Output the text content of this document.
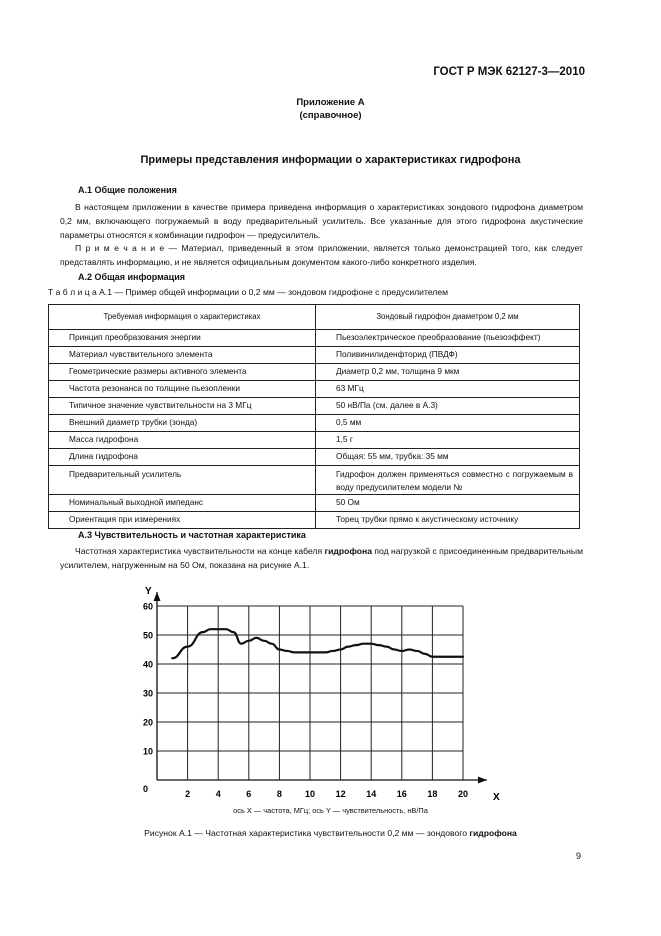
ГОСТ Р МЭК 62127-3—2010
Приложение А
(справочное)
Примеры представления информации о характеристиках гидрофона
А.1 Общие положения
В настоящем приложении в качестве примера приведена информация о характеристиках зондового гидрофона диаметром 0,2 мм, включающего погружаемый в воду предварительный усилитель. Все указанные для этого гидрофона акустические параметры относятся к комбинации гидрофон — предусилитель.
П р и м е ч а н и е — Материал, приведенный в этом приложении, является только демонстрацией того, как следует представлять информацию, и не является официальным документом какого-либо конкретного изделия.
А.2 Общая информация
Т а б л и ц а А.1 — Пример общей информации о 0,2 мм — зондовом гидрофоне с предусилителем
Требуемая информация о характеристиках	Зондовый гидрофон диаметром 0,2 мм
Принцип преобразования энергии	Пьезоэлектрическое преобразование (пьезоэффект)
Материал чувствительного элемента	Поливинилиденфторид (ПВДФ)
Геометрические размеры активного элемента	Диаметр 0,2 мм, толщина 9 мкм
Частота резонанса по толщине пьезопленки	63 МГц
Типичное значение чувствительности на 3 МГц	50 нВ/Па (см. далее в А.3)
Внешний диаметр трубки (зонда)	0,5 мм
Масса гидрофона	1,5 г
Длина гидрофона	Общая: 55 мм, трубка: 35 мм
Предварительный усилитель	Гидрофон должен применяться совместно с погружаемым в воду предусилителем модели №
Номинальный выходной импеданс	50 Ом
Ориентация при измерениях	Торец трубки прямо к акустическому источнику
А.3 Чувствительность и частотная характеристика
Частотная характеристика чувствительности на конце кабеля гидрофона под нагрузкой с присоединенным предварительным усилителем, нагруженным на 50 Ом, показана на рисунке А.1.
X
Y
2	4	6	8	10 12 14 16 18 20
10
20
30
40
50
60
0
ось X — частота, МГц; ось Y — чувствительность, нВ/Па
Рисунок А.1 — Частотная характеристика чувствительности 0,2 мм — зондового гидрофона
9
